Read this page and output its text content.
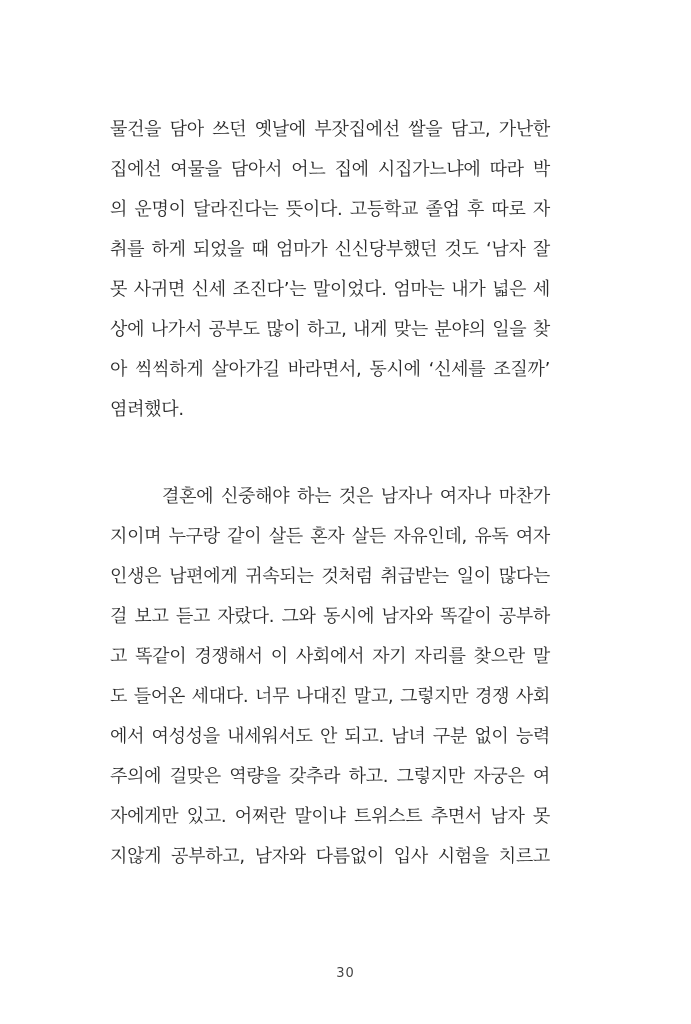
물건을 담아 쓰던 옛날에 부잣집에선 쌀을 담고, 가난한
집에선 여물을 담아서 어느 집에 시집가느냐에 따라 박
의 운명이 달라진다는 뜻이다. 고등학교 졸업 후 따로 자
취를 하게 되었을 때 엄마가 신신당부했던 것도 ‘남자 잘
못 사귀면 신세 조진다’는 말이었다. 엄마는 내가 넓은 세
상에 나가서 공부도 많이 하고, 내게 맞는 분야의 일을 찾
아 씩씩하게 살아가길 바라면서, 동시에 ‘신세를 조질까’
염려했다.
결혼에 신중해야 하는 것은 남자나 여자나 마찬가
지이며 누구랑 같이 살든 혼자 살든 자유인데, 유독 여자
인생은 남편에게 귀속되는 것처럼 취급받는 일이 많다는
걸 보고 듣고 자랐다. 그와 동시에 남자와 똑같이 공부하
고 똑같이 경쟁해서 이 사회에서 자기 자리를 찾으란 말
도 들어온 세대다. 너무 나대진 말고, 그렇지만 경쟁 사회
에서 여성성을 내세워서도 안 되고. 남녀 구분 없이 능력
주의에 걸맞은 역량을 갖추라 하고. 그렇지만 자궁은 여
자에게만 있고. 어쩌란 말이냐 트위스트 추면서 남자 못
지않게 공부하고, 남자와 다름없이 입사 시험을 치르고
30
